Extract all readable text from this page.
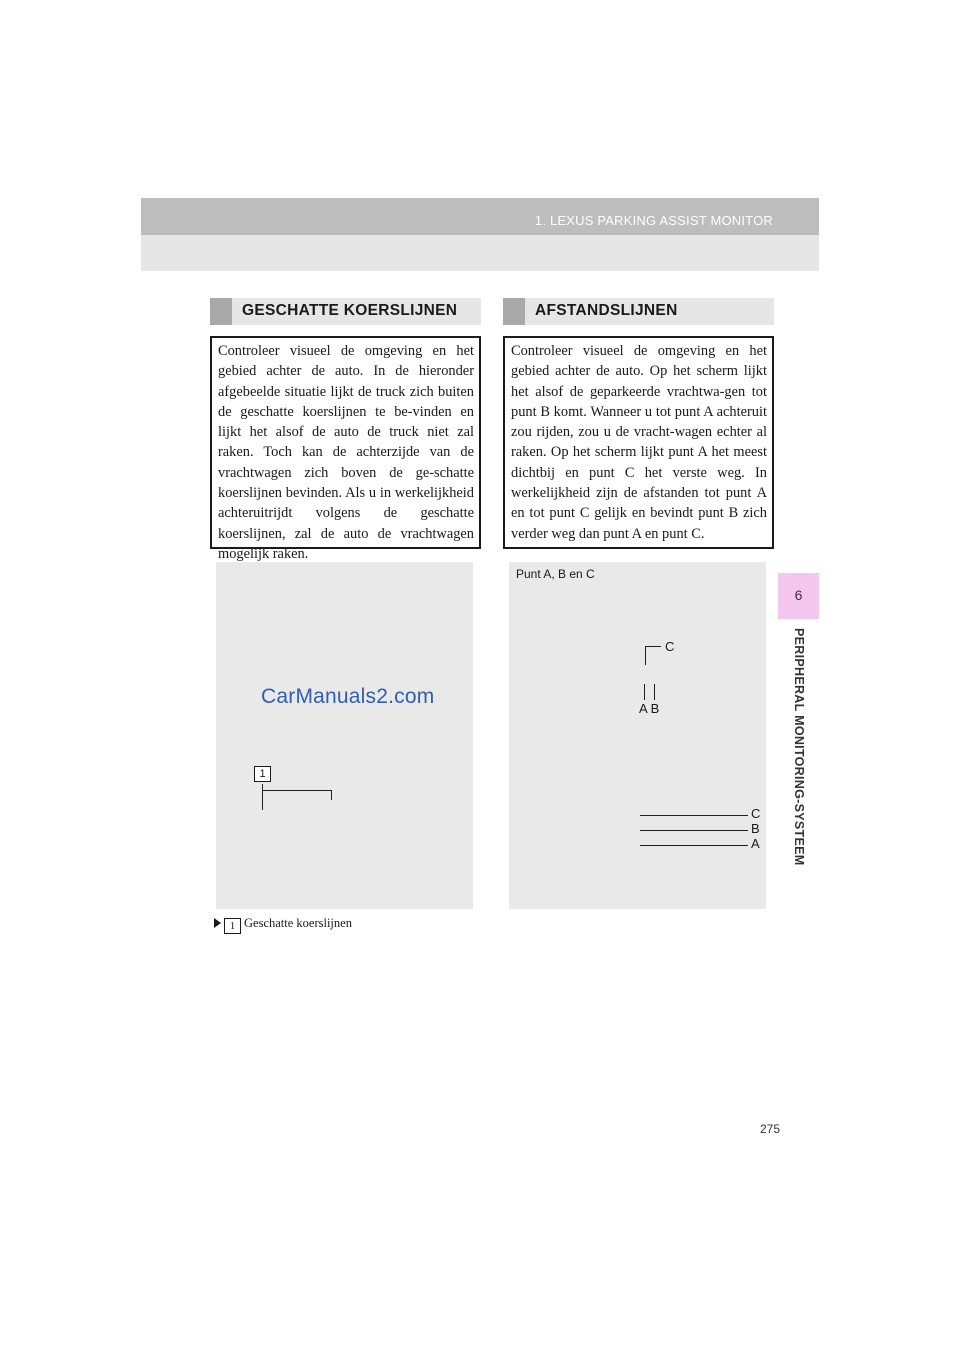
1. LEXUS PARKING ASSIST MONITOR
6
PERIPHERAL MONITORING-SYSTEEM
GESCHATTE KOERSLIJNEN
Controleer visueel de omgeving en het gebied achter de auto. In de hieronder afgebeelde situatie lijkt de truck zich buiten de geschatte koerslijnen te be-vinden en lijkt het alsof de auto de truck niet zal raken. Toch kan de achterzijde van de vrachtwagen zich boven de ge-schatte koerslijnen bevinden. Als u in werkelijkheid achteruitrijdt volgens de geschatte koerslijnen, zal de auto de vrachtwagen mogelijk raken.
CarManuals2.com
1
1 Geschatte koerslijnen
AFSTANDSLIJNEN
Controleer visueel de omgeving en het gebied achter de auto. Op het scherm lijkt het alsof de geparkeerde vrachtwa-gen tot punt B komt. Wanneer u tot punt A achteruit zou rijden, zou u de vracht-wagen echter al raken. Op het scherm lijkt punt A het meest dichtbij en punt C het verste weg. In werkelijkheid zijn de afstanden tot punt A en tot punt C gelijk en bevindt punt B zich verder weg dan punt A en punt C.
Punt A, B en C
C
A B
C
B
A
275
